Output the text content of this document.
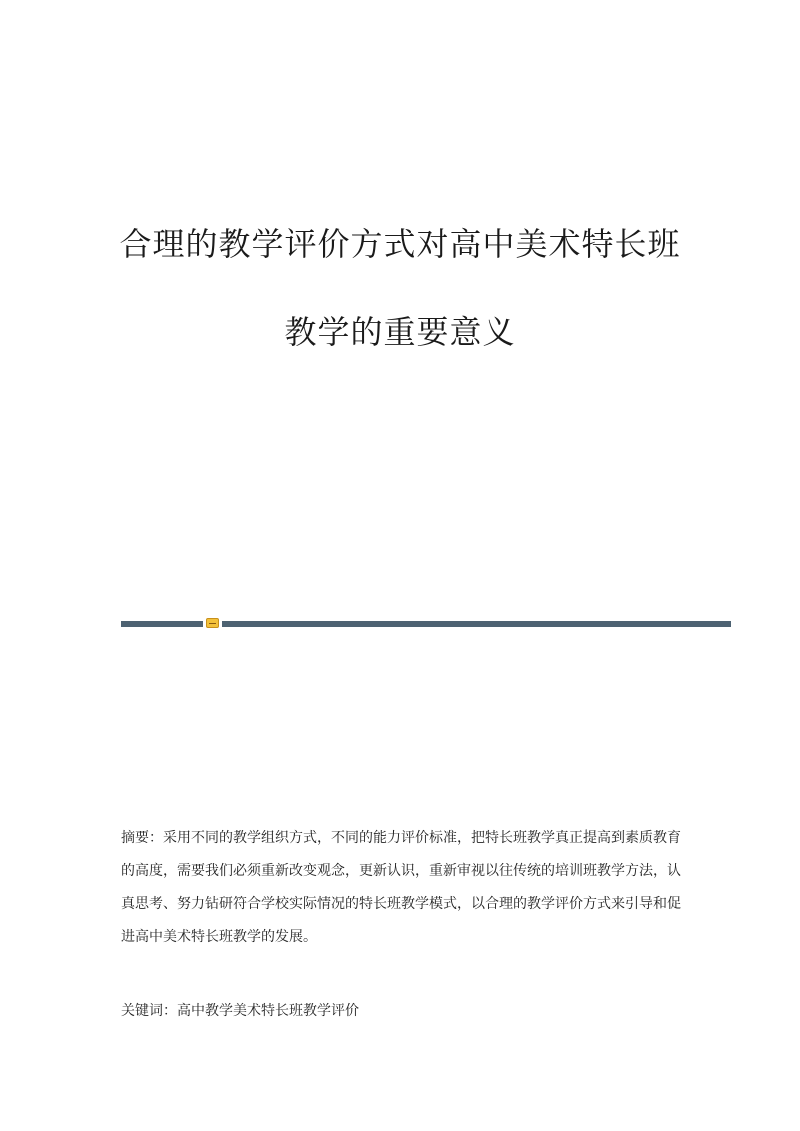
合理的教学评价方式对高中美术特长班
教学的重要意义
摘要：采用不同的教学组织方式，不同的能力评价标准，把特长班教学真正提高到素质教育的高度，需要我们必须重新改变观念，更新认识，重新审视以往传统的培训班教学方法，认真思考、努力钻研符合学校实际情况的特长班教学模式，以合理的教学评价方式来引导和促进高中美术特长班教学的发展。
关键词：高中教学美术特长班教学评价
